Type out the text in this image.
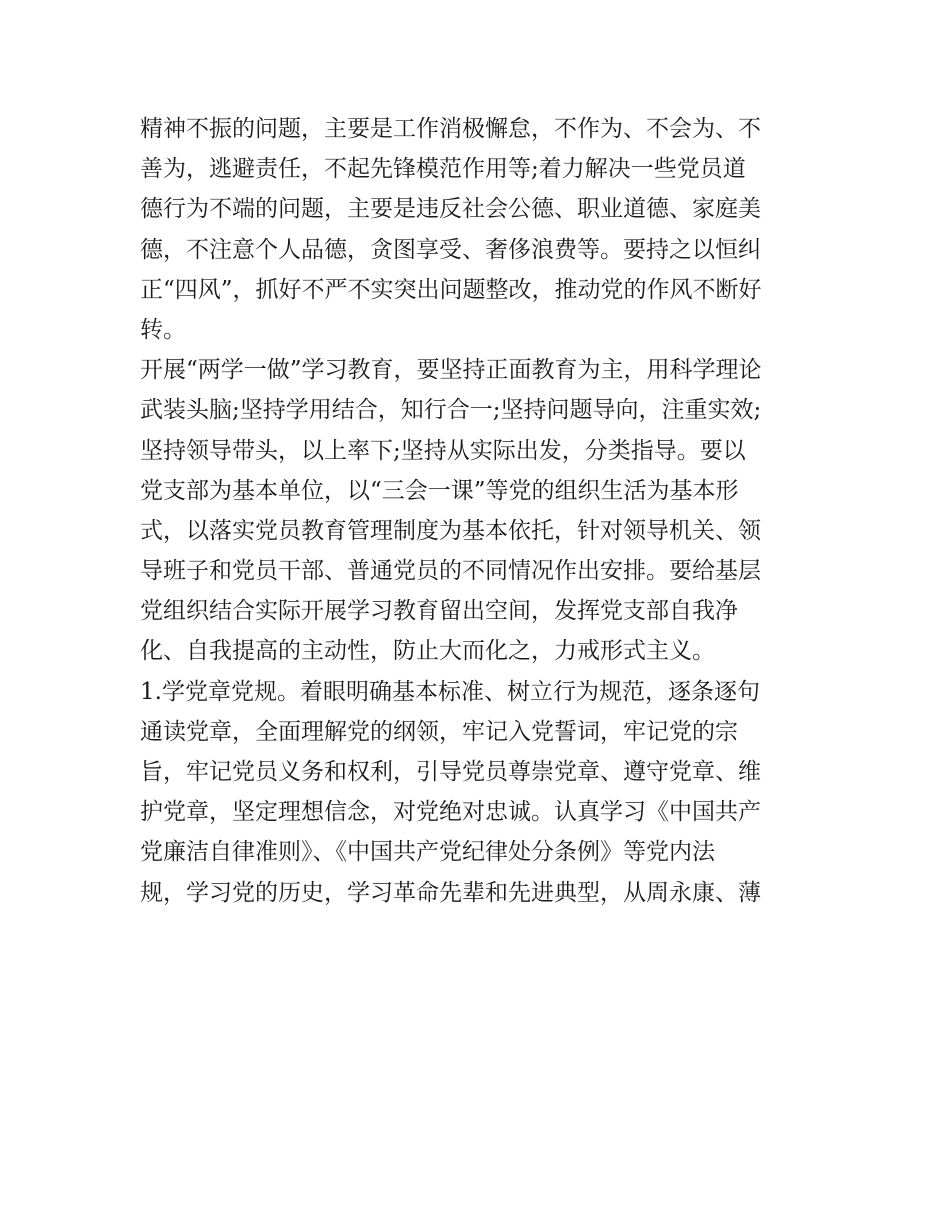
精神不振的问题，主要是工作消极懈怠，不作为、不会为、不
善为，逃避责任，不起先锋模范作用等;着力解决一些党员道
德行为不端的问题，主要是违反社会公德、职业道德、家庭美
德，不注意个人品德，贪图享受、奢侈浪费等。要持之以恒纠
正“四风”，抓好不严不实突出问题整改，推动党的作风不断好
转。
开展“两学一做”学习教育，要坚持正面教育为主，用科学理论
武装头脑;坚持学用结合，知行合一;坚持问题导向，注重实效;
坚持领导带头，以上率下;坚持从实际出发，分类指导。要以
党支部为基本单位，以“三会一课”等党的组织生活为基本形
式，以落实党员教育管理制度为基本依托，针对领导机关、领
导班子和党员干部、普通党员的不同情况作出安排。要给基层
党组织结合实际开展学习教育留出空间，发挥党支部自我净
化、自我提高的主动性，防止大而化之，力戒形式主义。
1.学党章党规。着眼明确基本标准、树立行为规范，逐条逐句
通读党章，全面理解党的纲领，牢记入党誓词，牢记党的宗
旨，牢记党员义务和权利，引导党员尊崇党章、遵守党章、维
护党章，坚定理想信念，对党绝对忠诚。认真学习《中国共产
党廉洁自律准则》、《中国共产党纪律处分条例》等党内法
规，学习党的历史，学习革命先辈和先进典型，从周永康、薄
